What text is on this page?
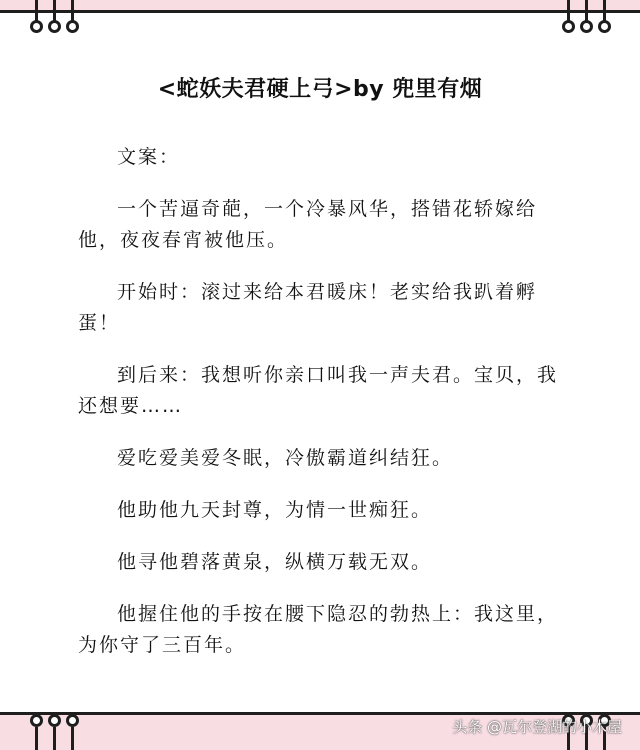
<蛇妖夫君硬上弓>by 兜里有烟

文案：

一个苦逼奇葩，一个冷暴风华，搭错花轿嫁给他，夜夜春宵被他压。

开始时：滚过来给本君暖床！老实给我趴着孵蛋！

到后来：我想听你亲口叫我一声夫君。宝贝，我还想要……

爱吃爱美爱冬眠，冷傲霸道纠结狂。

他助他九天封尊，为情一世痴狂。

他寻他碧落黄泉，纵横万载无双。

他握住他的手按在腰下隐忍的勃热上：我这里，为你守了三百年。

头条 @瓦尔登湖的小木屋
